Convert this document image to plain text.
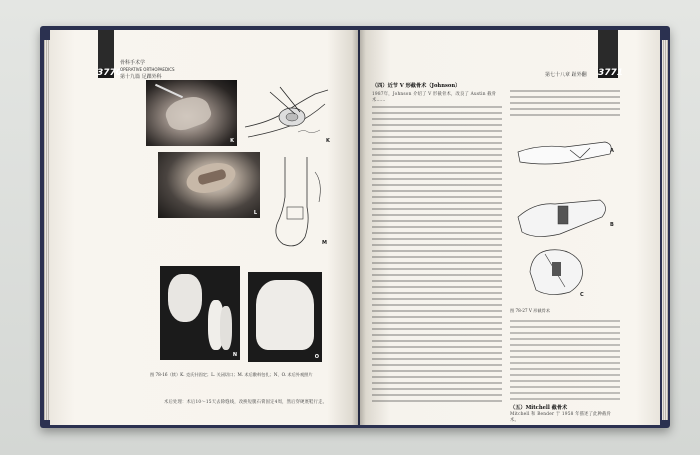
3770
骨科手术学
OPERATIVE ORTHOPAEDICS
第十九篇 足踝外科
K	K
L
M
N	O
图 78-16（续）K. 克氏针固定；L. 关闭切口；M. 术后敷料包扎；N、O. 术后外观照片
术后处理：术后10～15天去除缝线，改换短腿石膏固定4周，然后穿硬底鞋行走。
3771
第七十八章 趾外翻
（四）近节 V 形截骨术（Johnson）
1987年，Johnson 介绍了 V 形截骨术，改良了 Austin 截骨术……
A
B
C
图 78-27 V 形截骨术
（五）Mitchell 截骨术
Mitchell 和 Bender 于 1958 年描述了此种截骨术。
